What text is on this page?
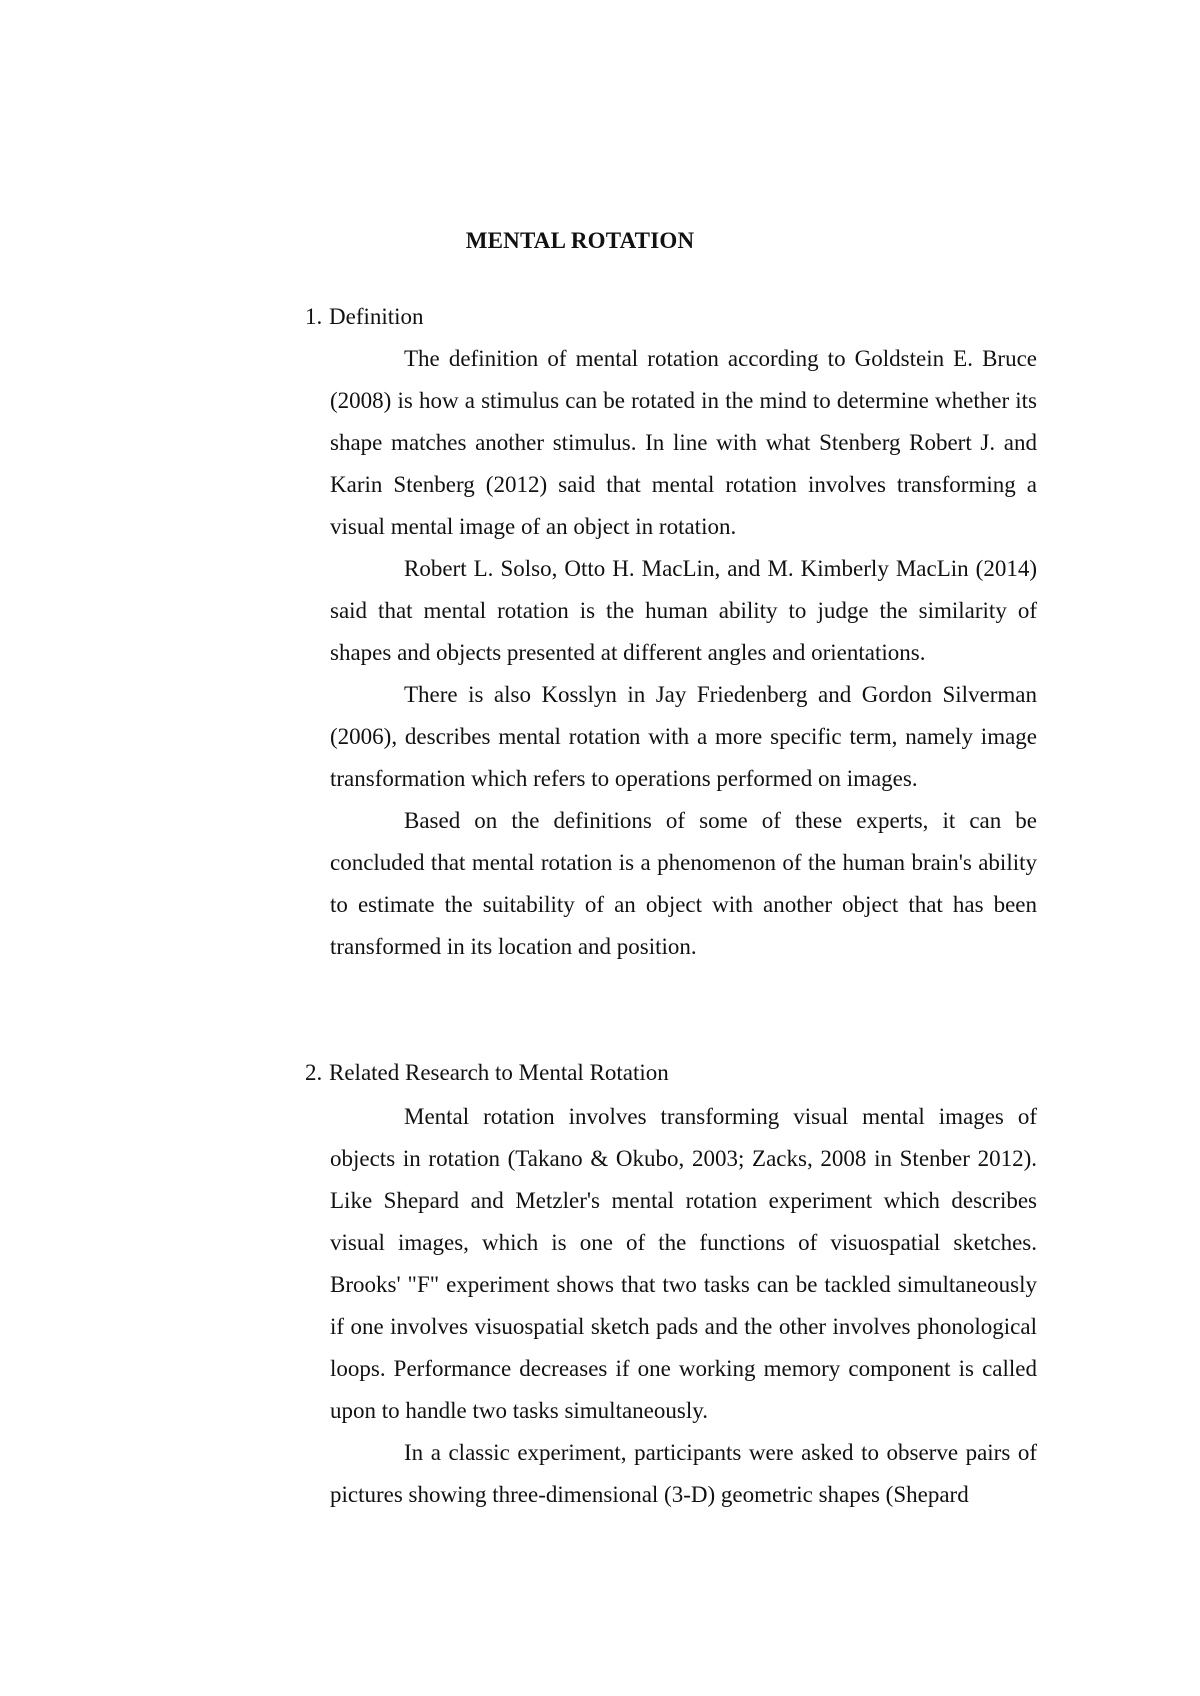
MENTAL ROTATION
1. Definition

The definition of mental rotation according to Goldstein E. Bruce (2008) is how a stimulus can be rotated in the mind to determine whether its shape matches another stimulus. In line with what Stenberg Robert J. and Karin Stenberg (2012) said that mental rotation involves transforming a visual mental image of an object in rotation.

Robert L. Solso, Otto H. MacLin, and M. Kimberly MacLin (2014) said that mental rotation is the human ability to judge the similarity of shapes and objects presented at different angles and orientations.

There is also Kosslyn in Jay Friedenberg and Gordon Silverman (2006), describes mental rotation with a more specific term, namely image transformation which refers to operations performed on images.

Based on the definitions of some of these experts, it can be concluded that mental rotation is a phenomenon of the human brain's ability to estimate the suitability of an object with another object that has been transformed in its location and position.

2. Related Research to Mental Rotation

Mental rotation involves transforming visual mental images of objects in rotation (Takano & Okubo, 2003; Zacks, 2008 in Stenber 2012). Like Shepard and Metzler's mental rotation experiment which describes visual images, which is one of the functions of visuospatial sketches. Brooks' "F" experiment shows that two tasks can be tackled simultaneously if one involves visuospatial sketch pads and the other involves phonological loops. Performance decreases if one working memory component is called upon to handle two tasks simultaneously.

In a classic experiment, participants were asked to observe pairs of pictures showing three-dimensional (3-D) geometric shapes (Shepard
